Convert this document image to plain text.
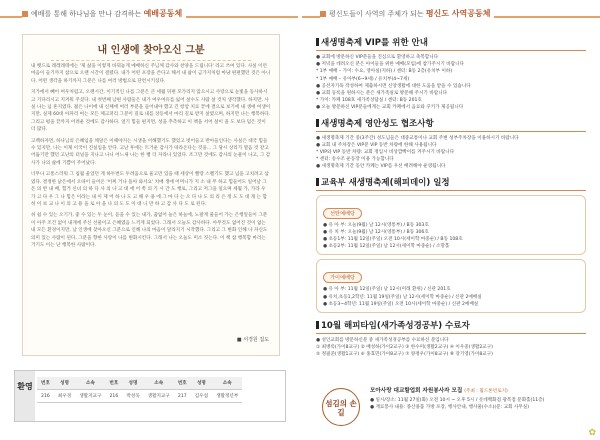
예배를 통해 하나님을 만나 감격하는 예배공동체	평신도들이 사역의 주체가 되는 평신도 사역공동체
내 인생에 찾아오신 그분

내 뱃드로 레레레테에는 '제 삶을 이렇게 바꿔놓게 예배하신 주님께 감사와 찬양을 드립니다' 라고 쓰여 있다. 사실 이런 마음이 들기까지 참으로 오랜 시간이 걸렸다. 내가 어떤 포장을 쓴다고 해서 내 삶이 금가지처럼 마냥 편편했던 것은 아니다. 어떤 생각을 하기까지 그분은 나를 여러 방법으로 단련시키셨다.

지가에서 빼어 여우처럼고, 오랜시간, 이기적인 나를 그분은 큰 세월 뒤편 모가리지 않으시고 사랑으로 눈빛을 동사하시고 기다리시고 지켜워 주셨다. 내 첫번째 남편 사람들은 내가 여우여유를 잃어 살수도 사람 살 것처 생각했다. 하지만, 사실 나는 넘 흔지였다. 젊은 나이에 내 신체에 여러 부분을 들어내야 했고 긴 항암 치료 끝에 결으로 보기에 내 생애 여생이지만, 실제 60대 아파리 여는 모든 체크퍼리 그분이 길로 내를 상등에서 마리 길로 받지 살였으며, 하지만 나는 행복하다. 그리고 평을 끝까지 어려운 것에도 감사하다. 얼기 힘들 편지면, 성을 추측하고 이 책을 서어 살이 올 도 보다 덤은 것이 더 많다.

고백하자면, 하나님의 은혜임을 깨달은 이때야지는 시생을 이해했기도 했었고 벗어들고 반아들인다는 사실은 대국 힘들 수 있지만, 나는 이제 이국이 진실임을 안다. 고난 후에는 트거운 감사가 따라온다는 것을... 그 당시 상리가 열음 것 같고 어둡기만 했던 고난의 터널을 지나고 나니 어느새 나는 한 뼘 더 자라나 있었다. 조그만 것에도 감사의 눈물이 나고, 그 감사가 나의 삶에 기쁨이 주어났다.

너무나 고통스러워 그 침월 울었던 게 하두번도 두려움으로 울고만 있을 때 세상이 빨랑 스펠기도 했고 넘을 고치려고 삼였다. 결정한 낡은에서 오따이 들어온 '어찌 거나 돌아 와서요' 치매 생애 어머니가 지 소 내 무 하고 힘들어도 일어날 그 돈 의 반 내 배, 힘거 신녀 의 하 다 사 의 나 고 대 에 어 쪽 의 기 시 간 도 행로, 그리고 저그을 일으며 세월 가, 가라 우 가 고 다 우 그 나 힘은 이라는 내 이 제 어 하 나 도 고 해 우 용 에 그 마 다 는 오 다 나 도 의 리 은 정 도 도 대 개 는 합 히 이 보 교 나 이 의 고 용 을 로 아 을 나 의 도 도 이 대 니 만 하 고 감 사 다 도 로 된다.

쉬 쉽 수 있는 오기가, 좋 수 있는 두 눈이, 듣을 수 있는 내가, 꿈없어 늘은 하늘에, 노팔게 물들어 가는 은행잎들이 그분이 아주 조건 없이 내게에 주신 선물이고 은혜였음 느끼게 되었다. 그래서 오늘도 감사하다. 아무것도 없어진 것이 없는 내 모든 환경이지만, 남 인생에 찾아오신 그분으로 인해 나의 마음이 달라지기 시작했다. 그리고 그 변화 인해 나 자신도 의미 있는 사람이 된다. 그분을 향한 사랑이 나를 변화시킨다. 그래서 나는 오늘도 미소 짓는다. 이 책 참 행복합 마리는 거기도 이는 난 행복한 사람이다.

■ 서경원 집도
환영	번호	성명	소속	번호	성명	소속	번호	성명	소속
216	최우경	생활지교구	216	박성욱	생활지교구	217	김우섭	생활정년부
새생명축제 VIP를 위한 안내
● 교회에 방문하신 VIP분들을 진심으로 환영하고 축복합니다
● 저녁을 데려오신 분은 아이들을 위한 예배(모임)에 참가주시기 바랍니다
* 1부 예배 – 가이: 수요, 영아실(지하) / 센터: B동 2층(유치부 이하)
* 1부 예배 – 유아부(6~9세) / 유치부(4~7세)
● 공선자기독 작성하여 제출하시면 신앙생활에 대한 도움을 받을 수 있습니다
● 교회 등록을 원하시는 분은 새가족실로 방문해 주시기 바랍니다
* 가이: 카페 108호 새가족상담실 / 센터: B동 201호
● 오늘 방문하신 VIP분들에게는 교회 카페에서 음료와 쿠키가 제공됩니다
새생명축제 영안성도 협조사항
● 새생명축제 기간 중(3주간) 성도님들은 대중교통이나 교회 주변 성부주차장을 이용하시기 바랍니다
● 교회 내 주차장은 VIP분 VIP 동반 차량에 한해 사용됩니다
* VIP와 VIP 동반 차량: 교회 정입시 비상깜빡이를 켜주시기 바랍니다
* 센터: 송수조 운동장 이용 가능합니다
● 새생명축제 기간 동안 카페는 VIP를 우선 배려해야 운영됩니다
교육부 새생명축제(해피데이) 일정
선탄예배당
● 유 아 부: 오늘(9월) 날 12시(영통부) / B동 303호
● 유 치 부: 오늘(9월) 날 12시(영통부) / B동 306호
● 초등1부: 11월 12일(주일) 오전 10시(세이학 마중순) / B동 108호
● 초등2부: 11월 12일(주일) 날 12시(세이학 마중순) / 소망홀
가이예배당
● 유 아 부: 11월 12일(주일) 날 12시(미래 환위) / 신관 201호
● 유치,초등1,2학년: 11월 19일(주일) 날 12시(세이학 마중순) / 신관 2예배실
● 초등3~4학년: 11월 19일(주일) 오전 10시(세이학 마중순) / 신관 2예배실
10월 해피타임(새가족성경공부) 수료자
● 성인교회를 방문하신분 중 새가족성경공부를 수료하신 분입니다
① 최병록(가이8교구) ② 배성하(가이2교구) ③ 한수미(생활2교구) ④ 이우중(생활2교구)
⑤ 정필준(생활1교구) ⑥ 홍효민(가이8교구) ⑦ 양정우(가이8교구) ⑧ 강기영(가이8교구)
섬김의 손길
모아사랑 대교할업회 자원봉사자 모집 (주최 : 월드론빈로지)
● 일시/장소: 11월 27일(화) 오전 10시 ~ 오후 5시 / 롯데백화점 광복점 문화홀(11층)
● 재료봉사 내용: 종산용품 가방 포장, 행사안내, 행사물(수소)(문: 교회 사무실)
✿
